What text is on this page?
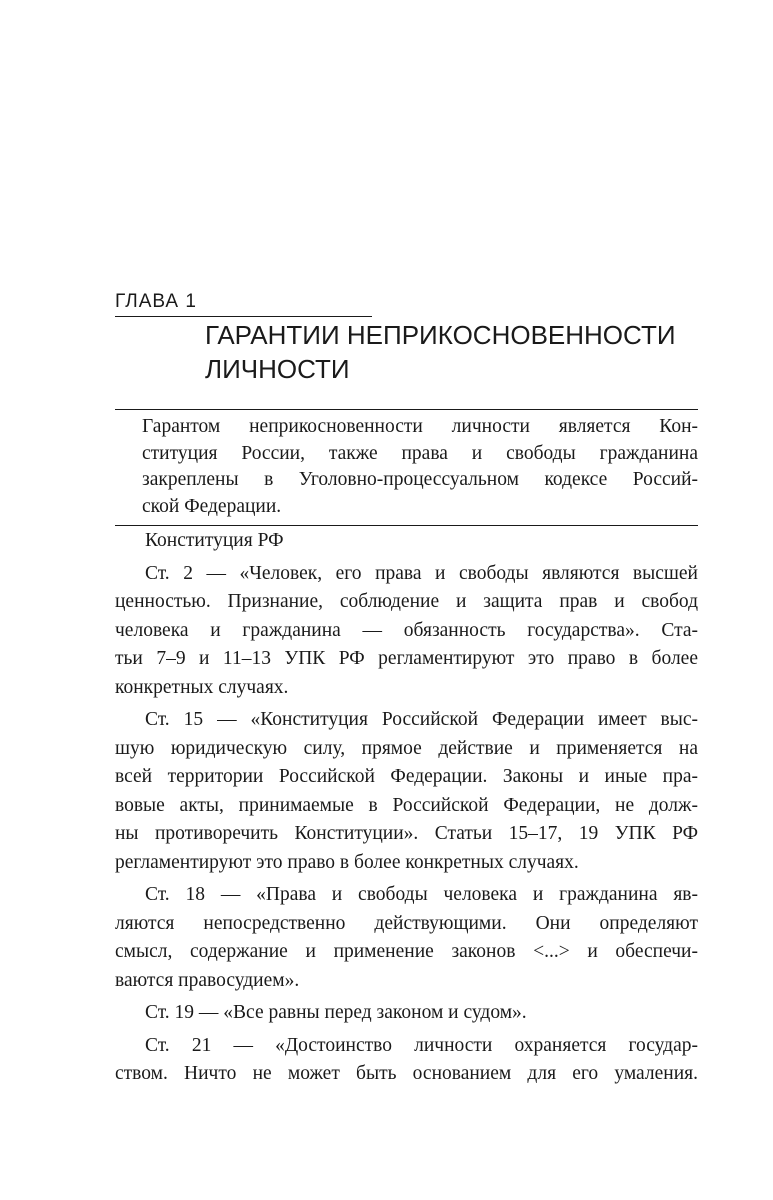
ГЛАВА 1
ГАРАНТИИ НЕПРИКОСНОВЕННОСТИ
ЛИЧНОСТИ
Гарантом неприкосновенности личности является Кон-
ституция России, также права и свободы гражданина
закреплены в Уголовно-процессуальном кодексе Россий-
ской Федерации.
Конституция РФ
Ст. 2 — «Человек, его права и свободы являются высшей
ценностью. Признание, соблюдение и защита прав и свобод
человека и гражданина — обязанность государства». Ста-
тьи 7–9 и 11–13 УПК РФ регламентируют это право в более
конкретных случаях.
Ст. 15 — «Конституция Российской Федерации имеет выс-
шую юридическую силу, прямое действие и применяется на
всей территории Российской Федерации. Законы и иные пра-
вовые акты, принимаемые в Российской Федерации, не долж-
ны противоречить Конституции». Статьи 15–17, 19 УПК РФ
регламентируют это право в более конкретных случаях.
Ст. 18 — «Права и свободы человека и гражданина яв-
ляются непосредственно действующими. Они определяют
смысл, содержание и применение законов <...> и обеспечи-
ваются правосудием».
Ст. 19 — «Все равны перед законом и судом».
Ст. 21 — «Достоинство личности охраняется государ-
ством. Ничто не может быть основанием для его умаления.
